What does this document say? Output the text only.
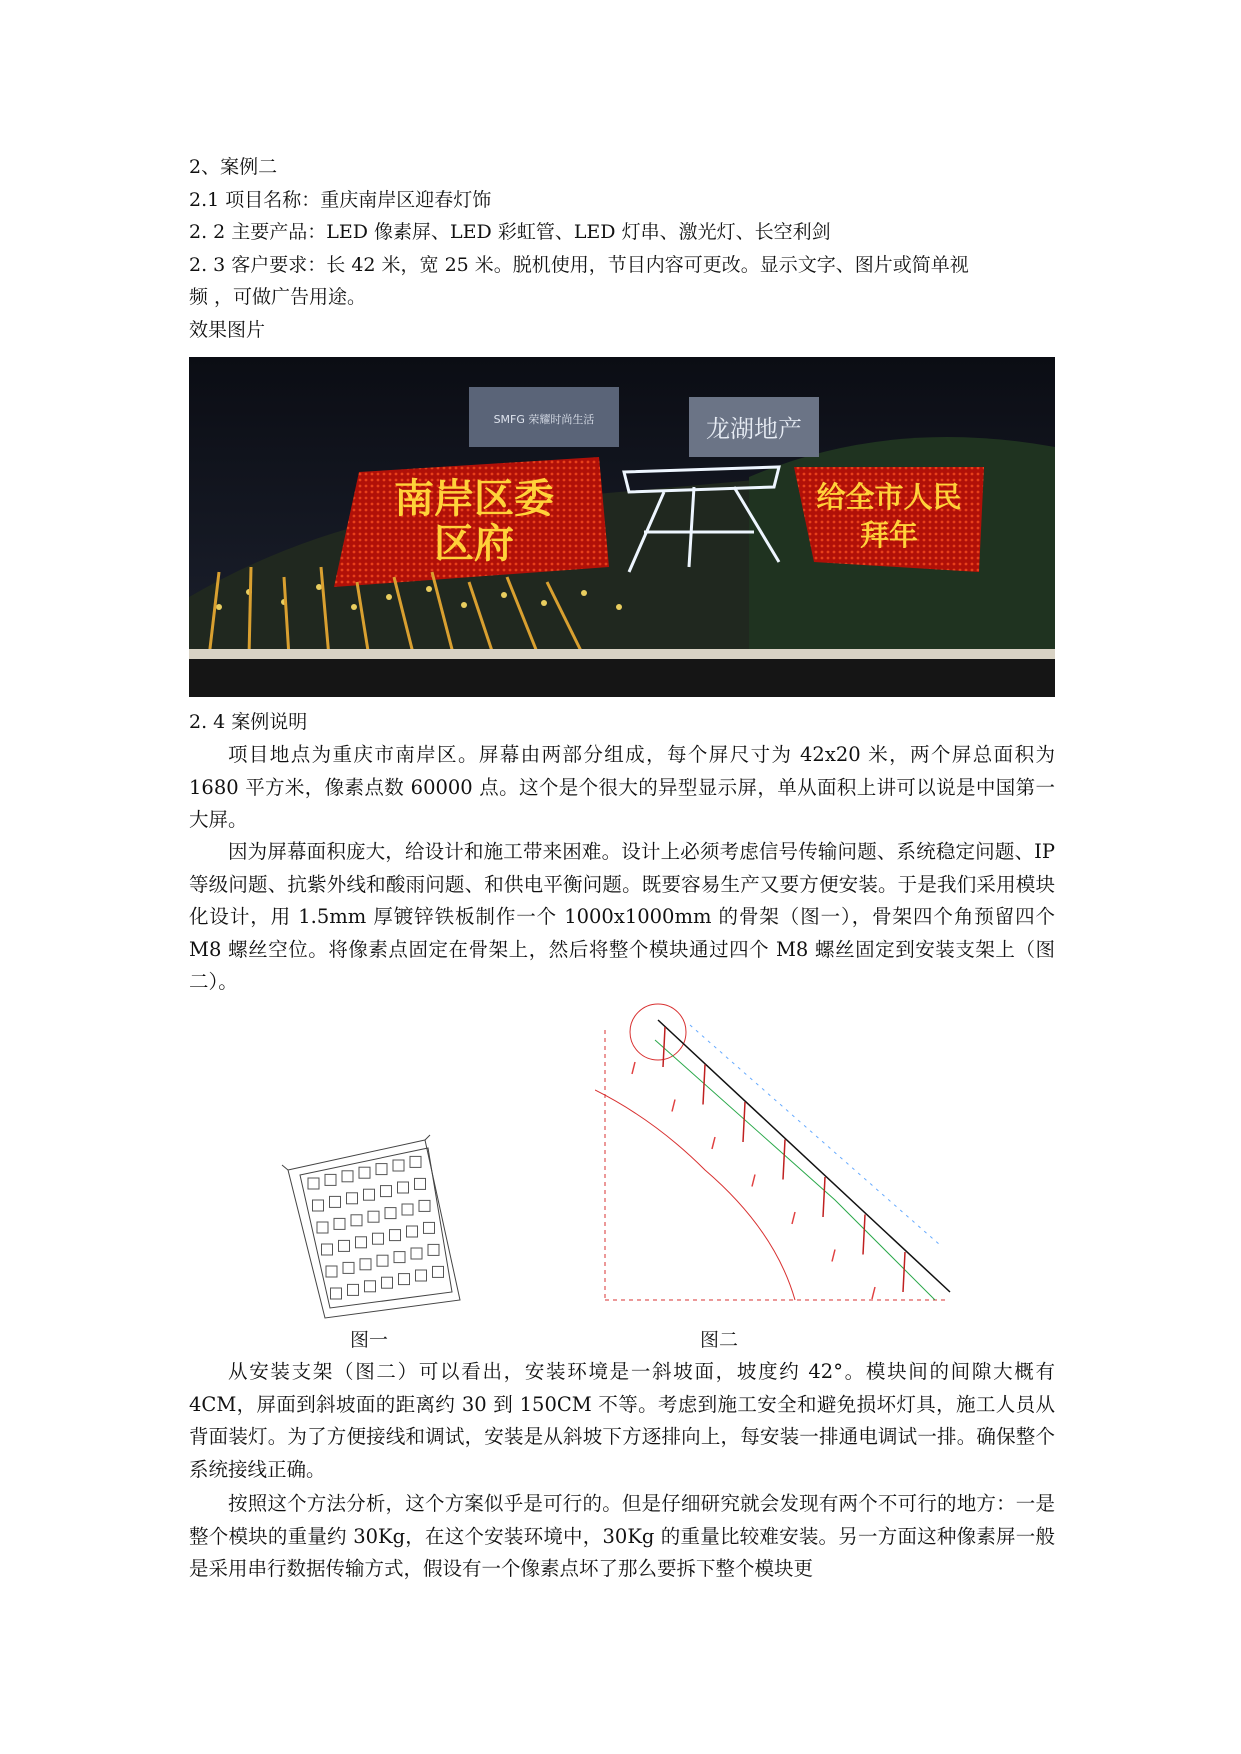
2、案例二
2.1 项目名称：重庆南岸区迎春灯饰
2. 2 主要产品：LED 像素屏、LED 彩虹管、LED 灯串、激光灯、长空利剑
2. 3 客户要求：长 42 米，宽 25 米。脱机使用，节目内容可更改。显示文字、图片或简单视
频 ，可做广告用途。
效果图片
SMFG 荣耀时尚生活	龙湖地产
南岸区委
区府
给全市人民
拜年
2. 4 案例说明

项目地点为重庆市南岸区。屏幕由两部分组成，每个屏尺寸为 42x20 米，两个屏总面积为 1680 平方米，像素点数 60000 点。这个是个很大的异型显示屏，单从面积上讲可以说是中国第一大屏。

因为屏幕面积庞大，给设计和施工带来困难。设计上必须考虑信号传输问题、系统稳定问题、IP 等级问题、抗紫外线和酸雨问题、和供电平衡问题。既要容易生产又要方便安装。于是我们采用模块化设计，用 1.5mm 厚镀锌铁板制作一个 1000x1000mm 的骨架（图一），骨架四个角预留四个 M8 螺丝空位。将像素点固定在骨架上，然后将整个模块通过四个 M8 螺丝固定到安装支架上（图二）。

图一	图二

从安装支架（图二）可以看出，安装环境是一斜坡面，坡度约 42°。模块间的间隙大概有 4CM，屏面到斜坡面的距离约 30 到 150CM 不等。考虑到施工安全和避免损坏灯具，施工人员从背面装灯。为了方便接线和调试，安装是从斜坡下方逐排向上，每安装一排通电调试一排。确保整个系统接线正确。

按照这个方法分析，这个方案似乎是可行的。但是仔细研究就会发现有两个不可行的地方：一是整个模块的重量约 30Kg，在这个安装环境中，30Kg 的重量比较难安装。另一方面这种像素屏一般是采用串行数据传输方式，假设有一个像素点坏了那么要拆下整个模块更
